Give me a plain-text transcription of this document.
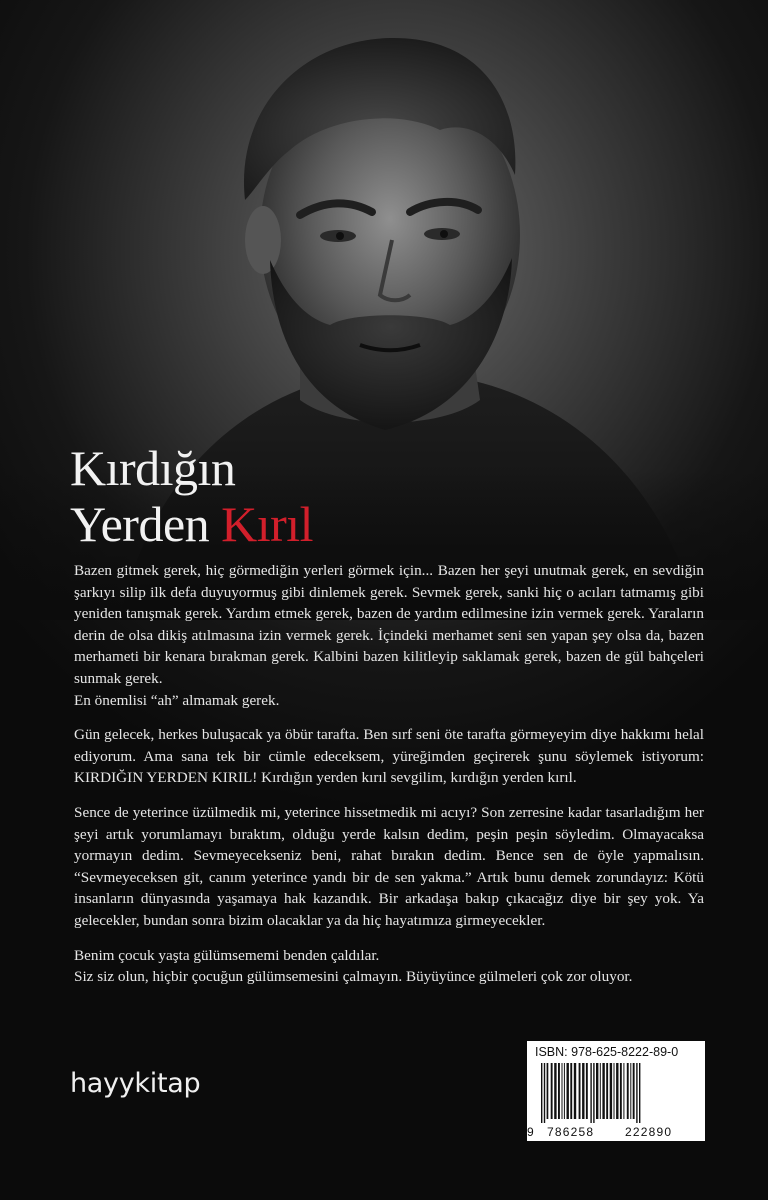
Kırdığın
Yerden Kırıl

Bazen gitmek gerek, hiç görmediğin yerleri görmek için... Bazen her şeyi unutmak gerek, en sevdiğin şarkıyı silip ilk defa duyuyormuş gibi dinlemek gerek. Sevmek gerek, sanki hiç o acıları tatmamış gibi yeniden tanışmak gerek. Yardım etmek gerek, bazen de yardım edilmesine izin vermek gerek. Yaraların derin de olsa dikiş atılmasına izin vermek gerek. İçindeki merhamet seni sen yapan şey olsa da, bazen merhameti bir kenara bırakman gerek. Kalbini bazen kilitleyip saklamak gerek, bazen de gül bahçeleri sunmak gerek.

En önemlisi “ah” almamak gerek.

Gün gelecek, herkes buluşacak ya öbür tarafta. Ben sırf seni öte tarafta görmeyeyim diye hakkımı helal ediyorum. Ama sana tek bir cümle edeceksem, yüreğimden geçirerek şunu söylemek istiyorum: KIRDIĞIN YERDEN KIRIL! Kırdığın yerden kırıl sevgilim, kırdığın yerden kırıl.

Sence de yeterince üzülmedik mi, yeterince hissetmedik mi acıyı? Son zerresine kadar tasarladığım her şeyi artık yorumlamayı bıraktım, olduğu yerde kalsın dedim, peşin peşin söyledim. Olmayacaksa yormayın dedim. Sevmeyecekseniz beni, rahat bırakın dedim. Bence sen de öyle yapmalısın. “Sevmeyeceksen git, canım yeterince yandı bir de sen yakma.” Artık bunu demek zorundayız: Kötü insanların dünyasında yaşamaya hak kazandık. Bir arkadaşa bakıp çıkacağız diye bir şey yok. Ya gelecekler, bundan sonra bizim olacaklar ya da hiç hayatımıza girmeyecekler.

Benim çocuk yaşta gülümsememi benden çaldılar.

Siz siz olun, hiçbir çocuğun gülümsemesini çalmayın. Büyüyünce gülmeleri çok zor oluyor.

hayykitap
ISBN: 978-625-8222-89-0
9 786258	222890
